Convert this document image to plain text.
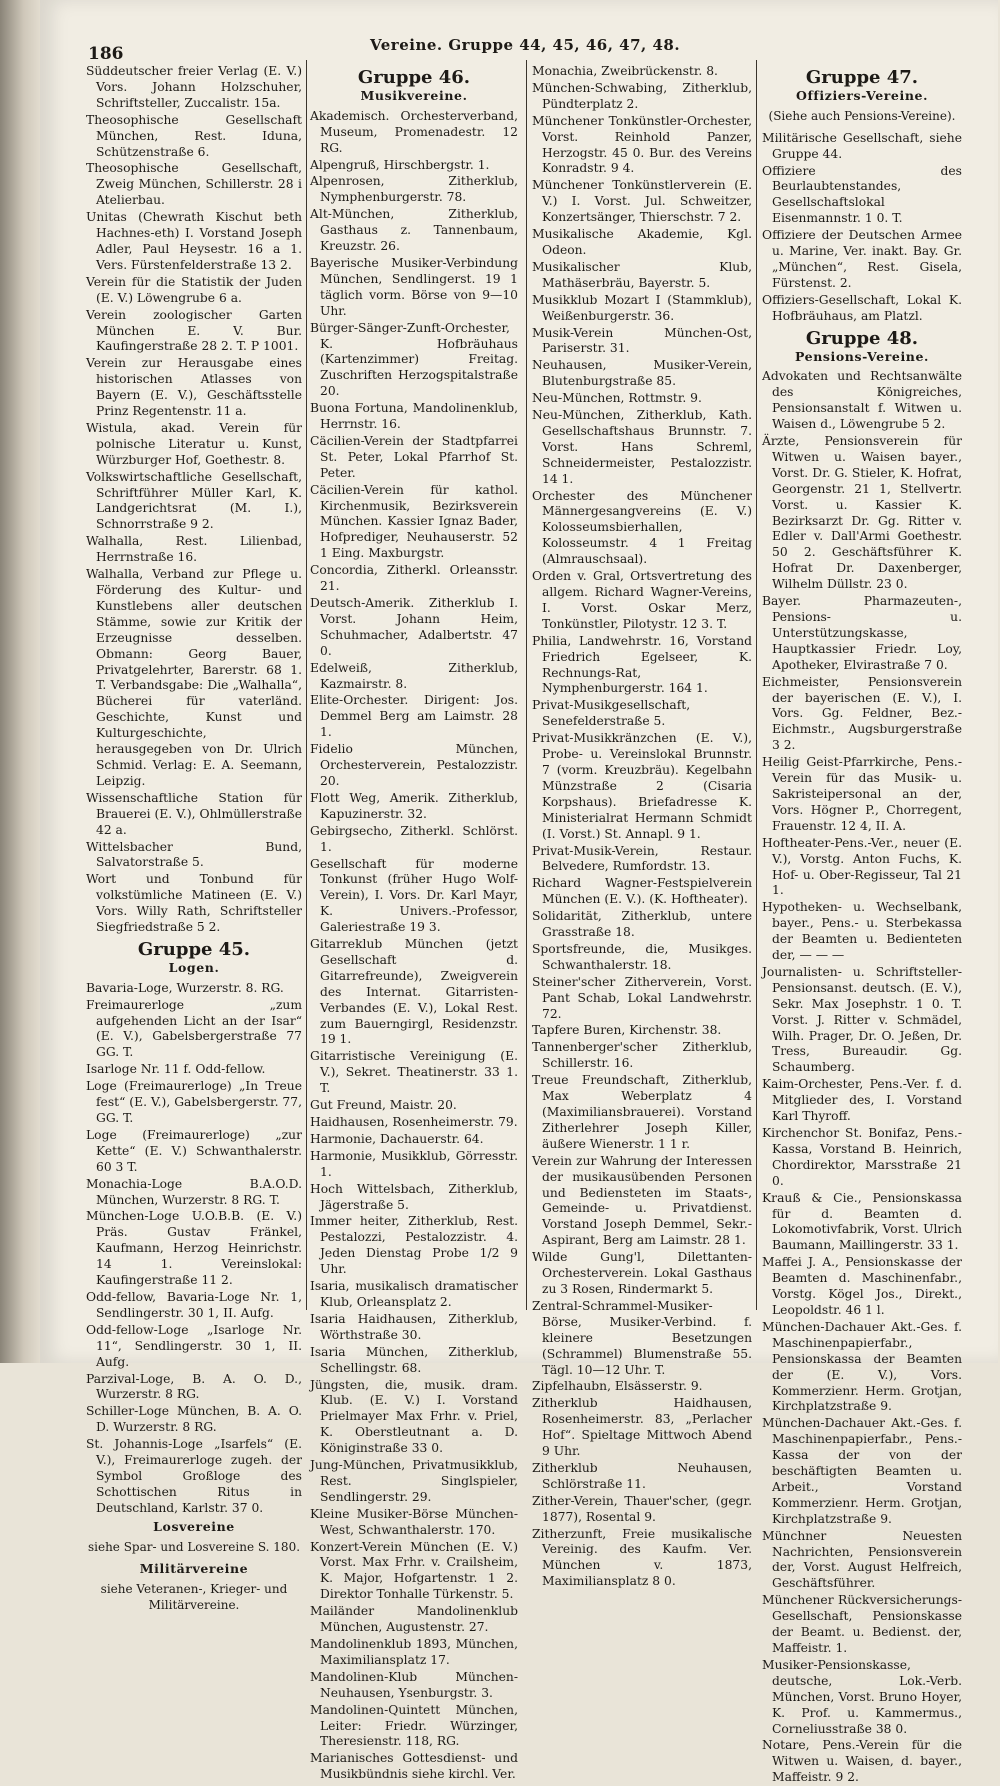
186	Vereine. Gruppe 44, 45, 46, 47, 48.
Süddeutscher freier Verlag (E. V.) Vors. Johann Holzschuher, Schriftsteller, Zuccalistr. 15a.
Theosophische Gesellschaft München, Rest. Iduna, Schützenstraße 6.
Theosophische Gesellschaft, Zweig München, Schillerstr. 28 i Atelierbau.
Unitas (Chewrath Kischut beth Hachnes-eth) I. Vorstand Joseph Adler, Paul Heysestr. 16 a 1. Vers. Fürstenfelderstraße 13 2.
Verein für die Statistik der Juden (E. V.) Löwengrube 6 a.
Verein zoologischer Garten München E. V. Bur. Kaufingerstraße 28 2. T. P 1001.
Verein zur Herausgabe eines historischen Atlasses von Bayern (E. V.), Geschäftsstelle Prinz Regentenstr. 11 a.
Wistula, akad. Verein für polnische Literatur u. Kunst, Würzburger Hof, Goethestr. 8.
Volkswirtschaftliche Gesellschaft, Schriftführer Müller Karl, K. Landgerichtsrat (M. I.), Schnorrstraße 9 2.
Walhalla, Rest. Lilienbad, Herrnstraße 16.
Walhalla, Verband zur Pflege u. Förderung des Kultur- und Kunstlebens aller deutschen Stämme, sowie zur Kritik der Erzeugnisse desselben. Obmann: Georg Bauer, Privatgelehrter, Barerstr. 68 1. T. Verbandsgabe: Die „Walhalla“, Bücherei für vaterländ. Geschichte, Kunst und Kulturgeschichte, herausgegeben von Dr. Ulrich Schmid. Verlag: E. A. Seemann, Leipzig.
Wissenschaftliche Station für Brauerei (E. V.), Ohlmüllerstraße 42 a.
Wittelsbacher Bund, Salvatorstraße 5.
Wort und Tonbund für volkstümliche Matineen (E. V.) Vors. Willy Rath, Schriftsteller Siegfriedstraße 5 2.
Gruppe 45.
Logen.
Bavaria-Loge, Wurzerstr. 8. RG.
Freimaurerloge „zum aufgehenden Licht an der Isar“ (E. V.), Gabelsbergerstraße 77 GG. T.
Isarloge Nr. 11 f. Odd-fellow.
Loge (Freimaurerloge) „In Treue fest“ (E. V.), Gabelsbergerstr. 77, GG. T.
Loge (Freimaurerloge) „zur Kette“ (E. V.) Schwanthalerstr. 60 3 T.
Monachia-Loge B.A.O.D. München, Wurzerstr. 8 RG. T.
München-Loge U.O.B.B. (E. V.) Präs. Gustav Fränkel, Kaufmann, Herzog Heinrichstr. 14 1. Vereinslokal: Kaufingerstraße 11 2.
Odd-fellow, Bavaria-Loge Nr. 1, Sendlingerstr. 30 1, II. Aufg.
Odd-fellow-Loge „Isarloge Nr. 11“, Sendlingerstr. 30 1, II. Aufg.
Parzival-Loge, B. A. O. D., Wurzerstr. 8 RG.
Schiller-Loge München, B. A. O. D. Wurzerstr. 8 RG.
St. Johannis-Loge „Isarfels“ (E. V.), Freimaurerloge zugeh. der Symbol Großloge des Schottischen Ritus in Deutschland, Karlstr. 37 0.
Losvereine
siehe Spar- und Losvereine S. 180.
Militärvereine
siehe Veteranen-, Krieger- und Militärvereine.
Gruppe 46.
Musikvereine.
Akademisch. Orchesterverband, Museum, Promenadestr. 12 RG.
Alpengruß, Hirschbergstr. 1.
Alpenrosen, Zitherklub, Nymphenburgerstr. 78.
Alt-München, Zitherklub, Gasthaus z. Tannenbaum, Kreuzstr. 26.
Bayerische Musiker-Verbindung München, Sendlingerst. 19 1 täglich vorm. Börse von 9—10 Uhr.
Bürger-Sänger-Zunft-Orchester, K. Hofbräuhaus (Kartenzimmer) Freitag. Zuschriften Herzogspitalstraße 20.
Buona Fortuna, Mandolinenklub, Herrnstr. 16.
Cäcilien-Verein der Stadtpfarrei St. Peter, Lokal Pfarrhof St. Peter.
Cäcilien-Verein für kathol. Kirchenmusik, Bezirksverein München. Kassier Ignaz Bader, Hofprediger, Neuhauserstr. 52 1 Eing. Maxburgstr.
Concordia, Zitherkl. Orleansstr. 21.
Deutsch-Amerik. Zitherklub I. Vorst. Johann Heim, Schuhmacher, Adalbertstr. 47 0.
Edelweiß, Zitherklub, Kazmairstr. 8.
Elite-Orchester. Dirigent: Jos. Demmel Berg am Laimstr. 28 1.
Fidelio München, Orchesterverein, Pestalozzistr. 20.
Flott Weg, Amerik. Zitherklub, Kapuzinerstr. 32.
Gebirgsecho, Zitherkl. Schlörst. 1.
Gesellschaft für moderne Tonkunst (früher Hugo Wolf-Verein), I. Vors. Dr. Karl Mayr, K. Univers.-Professor, Galeriestraße 19 3.
Gitarreklub München (jetzt Gesellschaft d. Gitarrefreunde), Zweigverein des Internat. Gitarristen-Verbandes (E. V.), Lokal Rest. zum Bauerngirgl, Residenzstr. 19 1.
Gitarristische Vereinigung (E. V.), Sekret. Theatinerstr. 33 1. T.
Gut Freund, Maistr. 20.
Haidhausen, Rosenheimerstr. 79.
Harmonie, Dachauerstr. 64.
Harmonie, Musikklub, Görresstr. 1.
Hoch Wittelsbach, Zitherklub, Jägerstraße 5.
Immer heiter, Zitherklub, Rest. Pestalozzi, Pestalozzistr. 4. Jeden Dienstag Probe 1/2 9 Uhr.
Isaria, musikalisch dramatischer Klub, Orleansplatz 2.
Isaria Haidhausen, Zitherklub, Wörthstraße 30.
Isaria München, Zitherklub, Schellingstr. 68.
Jüngsten, die, musik. dram. Klub. (E. V.) I. Vorstand Prielmayer Max Frhr. v. Priel, K. Oberstleutnant a. D. Königinstraße 33 0.
Jung-München, Privatmusikklub, Rest. Singlspieler, Sendlingerstr. 29.
Kleine Musiker-Börse München-West, Schwanthalerstr. 170.
Konzert-Verein München (E. V.) Vorst. Max Frhr. v. Crailsheim, K. Major, Hofgartenstr. 1 2. Direktor Tonhalle Türkenstr. 5.
Mailänder Mandolinenklub München, Augustenstr. 27.
Mandolinenklub 1893, München, Maximiliansplatz 17.
Mandolinen-Klub München-Neuhausen, Ysenburgstr. 3.
Mandolinen-Quintett München, Leiter: Friedr. Würzinger, Theresienstr. 118, RG.
Marianisches Gottesdienst- und Musikbündnis siehe kirchl. Ver.
Monachia, Zweibrückenstr. 8.
München-Schwabing, Zitherklub, Pündterplatz 2.
Münchener Tonkünstler-Orchester, Vorst. Reinhold Panzer, Herzogstr. 45 0. Bur. des Vereins Konradstr. 9 4.
Münchener Tonkünstlerverein (E. V.) I. Vorst. Jul. Schweitzer, Konzertsänger, Thierschstr. 7 2.
Musikalische Akademie, Kgl. Odeon.
Musikalischer Klub, Mathäserbräu, Bayerstr. 5.
Musikklub Mozart I (Stammklub), Weißenburgerstr. 36.
Musik-Verein München-Ost, Pariserstr. 31.
Neuhausen, Musiker-Verein, Blutenburgstraße 85.
Neu-München, Rottmstr. 9.
Neu-München, Zitherklub, Kath. Gesellschaftshaus Brunnstr. 7. Vorst. Hans Schreml, Schneidermeister, Pestalozzistr. 14 1.
Orchester des Münchener Männergesangvereins (E. V.) Kolosseumsbierhallen, Kolosseumstr. 4 1 Freitag (Almrauschsaal).
Orden v. Gral, Ortsvertretung des allgem. Richard Wagner-Vereins, I. Vorst. Oskar Merz, Tonkünstler, Pilotystr. 12 3. T.
Philia, Landwehrstr. 16, Vorstand Friedrich Egelseer, K. Rechnungs-Rat, Nymphenburgerstr. 164 1.
Privat-Musikgesellschaft, Senefelderstraße 5.
Privat-Musikkränzchen (E. V.), Probe- u. Vereinslokal Brunnstr. 7 (vorm. Kreuzbräu). Kegelbahn Münzstraße 2 (Cisaria Korpshaus). Briefadresse K. Ministerialrat Hermann Schmidt (I. Vorst.) St. Annapl. 9 1.
Privat-Musik-Verein, Restaur. Belvedere, Rumfordstr. 13.
Richard Wagner-Festspielverein München (E. V.). (K. Hoftheater).
Solidarität, Zitherklub, untere Grasstraße 18.
Sportsfreunde, die, Musikges. Schwanthalerstr. 18.
Steiner'scher Zitherverein, Vorst. Pant Schab, Lokal Landwehrstr. 72.
Tapfere Buren, Kirchenstr. 38.
Tannenberger'scher Zitherklub, Schillerstr. 16.
Treue Freundschaft, Zitherklub, Max Weberplatz 4 (Maximiliansbrauerei). Vorstand Zitherlehrer Joseph Killer, äußere Wienerstr. 1 1 r.
Verein zur Wahrung der Interessen der musikausübenden Personen und Bediensteten im Staats-, Gemeinde- u. Privatdienst. Vorstand Joseph Demmel, Sekr.-Aspirant, Berg am Laimstr. 28 1.
Wilde Gung'l, Dilettanten-Orchesterverein. Lokal Gasthaus zu 3 Rosen, Rindermarkt 5.
Zentral-Schrammel-Musiker-Börse, Musiker-Verbind. f. kleinere Besetzungen (Schrammel) Blumenstraße 55. Tägl. 10—12 Uhr. T.
Zipfelhaubn, Elsässerstr. 9.
Zitherklub Haidhausen, Rosenheimerstr. 83, „Perlacher Hof“. Spieltage Mittwoch Abend 9 Uhr.
Zitherklub Neuhausen, Schlörstraße 11.
Zither-Verein, Thauer'scher, (gegr. 1877), Rosental 9.
Zitherzunft, Freie musikalische Vereinig. des Kaufm. Ver. München v. 1873, Maximiliansplatz 8 0.
Gruppe 47.
Offiziers-Vereine.
(Siehe auch Pensions-Vereine).
Militärische Gesellschaft, siehe Gruppe 44.
Offiziere des Beurlaubtenstandes, Gesellschaftslokal Eisenmannstr. 1 0. T.
Offiziere der Deutschen Armee u. Marine, Ver. inakt. Bay. Gr. „München“, Rest. Gisela, Fürstenst. 2.
Offiziers-Gesellschaft, Lokal K. Hofbräuhaus, am Platzl.
Gruppe 48.
Pensions-Vereine.
Advokaten und Rechtsanwälte des Königreiches, Pensionsanstalt f. Witwen u. Waisen d., Löwengrube 5 2.
Ärzte, Pensionsverein für Witwen u. Waisen bayer., Vorst. Dr. G. Stieler, K. Hofrat, Georgenstr. 21 1, Stellvertr. Vorst. u. Kassier K. Bezirksarzt Dr. Gg. Ritter v. Edler v. Dall'Armi Goethestr. 50 2. Geschäftsführer K. Hofrat Dr. Daxenberger, Wilhelm Düllstr. 23 0.
Bayer. Pharmazeuten-, Pensions- u. Unterstützungskasse, Hauptkassier Friedr. Loy, Apotheker, Elvirastraße 7 0.
Eichmeister, Pensionsverein der bayerischen (E. V.), I. Vors. Gg. Feldner, Bez.-Eichmstr., Augsburgerstraße 3 2.
Heilig Geist-Pfarrkirche, Pens.-Verein für das Musik- u. Sakristeipersonal an der, Vors. Högner P., Chorregent, Frauenstr. 12 4, II. A.
Hoftheater-Pens.-Ver., neuer (E. V.), Vorstg. Anton Fuchs, K. Hof- u. Ober-Regisseur, Tal 21 1.
Hypotheken- u. Wechselbank, bayer., Pens.- u. Sterbekassa der Beamten u. Bedienteten der, — — —
Journalisten- u. Schriftsteller-Pensionsanst. deutsch. (E. V.), Sekr. Max Josephstr. 1 0. T. Vorst. J. Ritter v. Schmädel, Wilh. Prager, Dr. O. Jeßen, Dr. Tress, Bureaudir. Gg. Schaumberg.
Kaim-Orchester, Pens.-Ver. f. d. Mitglieder des, I. Vorstand Karl Thyroff.
Kirchenchor St. Bonifaz, Pens.-Kassa, Vorstand B. Heinrich, Chordirektor, Marsstraße 21 0.
Krauß & Cie., Pensionskassa für d. Beamten d. Lokomotivfabrik, Vorst. Ulrich Baumann, Maillingerstr. 33 1.
Maffei J. A., Pensionskasse der Beamten d. Maschinenfabr., Vorstg. Kögel Jos., Direkt., Leopoldstr. 46 1 l.
München-Dachauer Akt.-Ges. f. Maschinenpapierfabr., Pensionskassa der Beamten der (E. V.), Vors. Kommerzienr. Herm. Grotjan, Kirchplatzstraße 9.
München-Dachauer Akt.-Ges. f. Maschinenpapierfabr., Pens.-Kassa der von der beschäftigten Beamten u. Arbeit., Vorstand Kommerzienr. Herm. Grotjan, Kirchplatzstraße 9.
Münchner Neuesten Nachrichten, Pensionsverein der, Vorst. August Helfreich, Geschäftsführer.
Münchener Rückversicherungs-Gesellschaft, Pensionskasse der Beamt. u. Bedienst. der, Maffeistr. 1.
Musiker-Pensionskasse, deutsche, Lok.-Verb. München, Vorst. Bruno Hoyer, K. Prof. u. Kammermus., Corneliusstraße 38 0.
Notare, Pens.-Verein für die Witwen u. Waisen, d. bayer., Maffeistr. 9 2.
